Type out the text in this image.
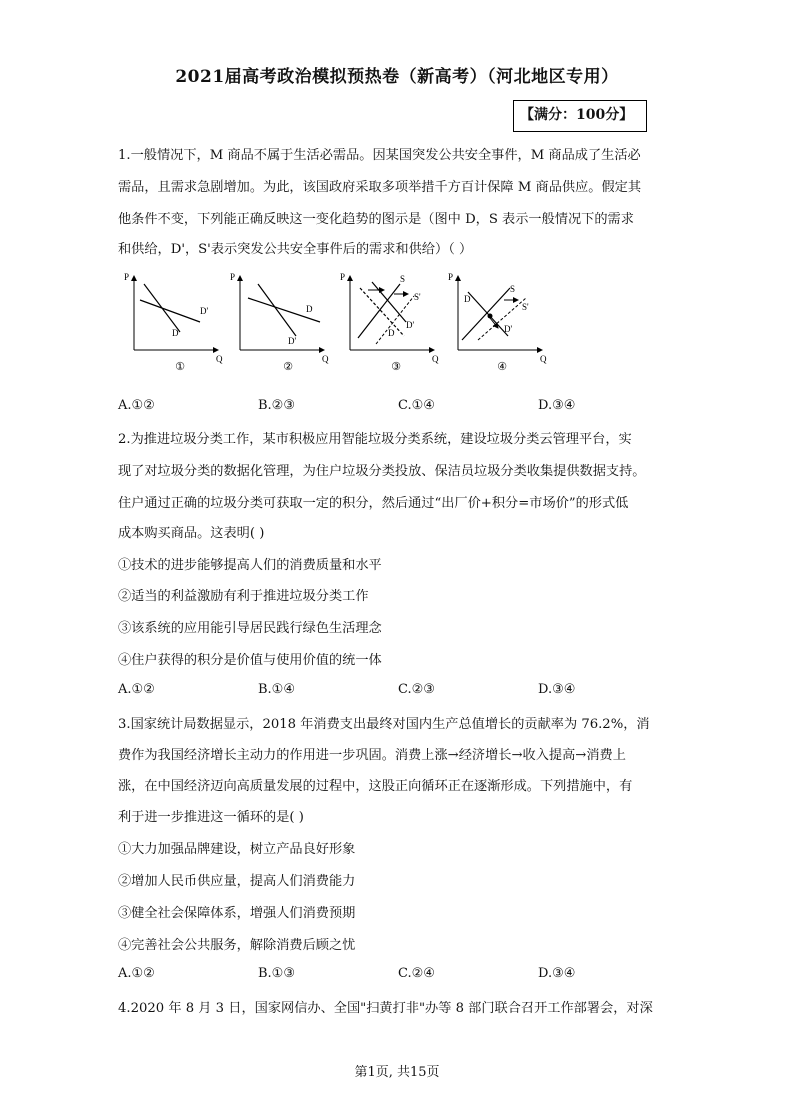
2021届高考政治模拟预热卷（新高考）（河北地区专用）
【满分：100分】
1.一般情况下，M 商品不属于生活必需品。因某国突发公共安全事件，M 商品成了生活必
需品，且需求急剧增加。为此，该国政府采取多项举措千方百计保障 M 商品供应。假定其
他条件不变，下列能正确反映这一变化趋势的图示是（图中 D，S 表示一般情况下的需求
和供给，D'，S'表示突发公共安全事件后的需求和供给）（ ）
P
Q
D'
D
①
P
Q
D
D'
②
P
Q
S
S'
D
D'
③
P
Q
D
S
S'
D'
④
A.①②	B.②③	C.①④	D.③④
2.为推进垃圾分类工作，某市积极应用智能垃圾分类系统，建设垃圾分类云管理平台，实
现了对垃圾分类的数据化管理，为住户垃圾分类投放、保洁员垃圾分类收集提供数据支持。
住户通过正确的垃圾分类可获取一定的积分，然后通过“出厂价+积分=市场价”的形式低
成本购买商品。这表明( )
①技术的进步能够提高人们的消费质量和水平
②适当的利益激励有利于推进垃圾分类工作
③该系统的应用能引导居民践行绿色生活理念
④住户获得的积分是价值与使用价值的统一体
A.①②	B.①④	C.②③	D.③④
3.国家统计局数据显示，2018 年消费支出最终对国内生产总值增长的贡献率为 76.2%，消
费作为我国经济增长主动力的作用进一步巩固。消费上涨→经济增长→收入提高→消费上
涨，在中国经济迈向高质量发展的过程中，这股正向循环正在逐渐形成。下列措施中，有
利于进一步推进这一循环的是( )
①大力加强品牌建设，树立产品良好形象
②增加人民币供应量，提高人们消费能力
③健全社会保障体系，增强人们消费预期
④完善社会公共服务，解除消费后顾之忧
A.①②	B.①③	C.②④	D.③④
4.2020 年 8 月 3 日，国家网信办、全国"扫黄打非"办等 8 部门联合召开工作部署会，对深
第1页, 共15页
